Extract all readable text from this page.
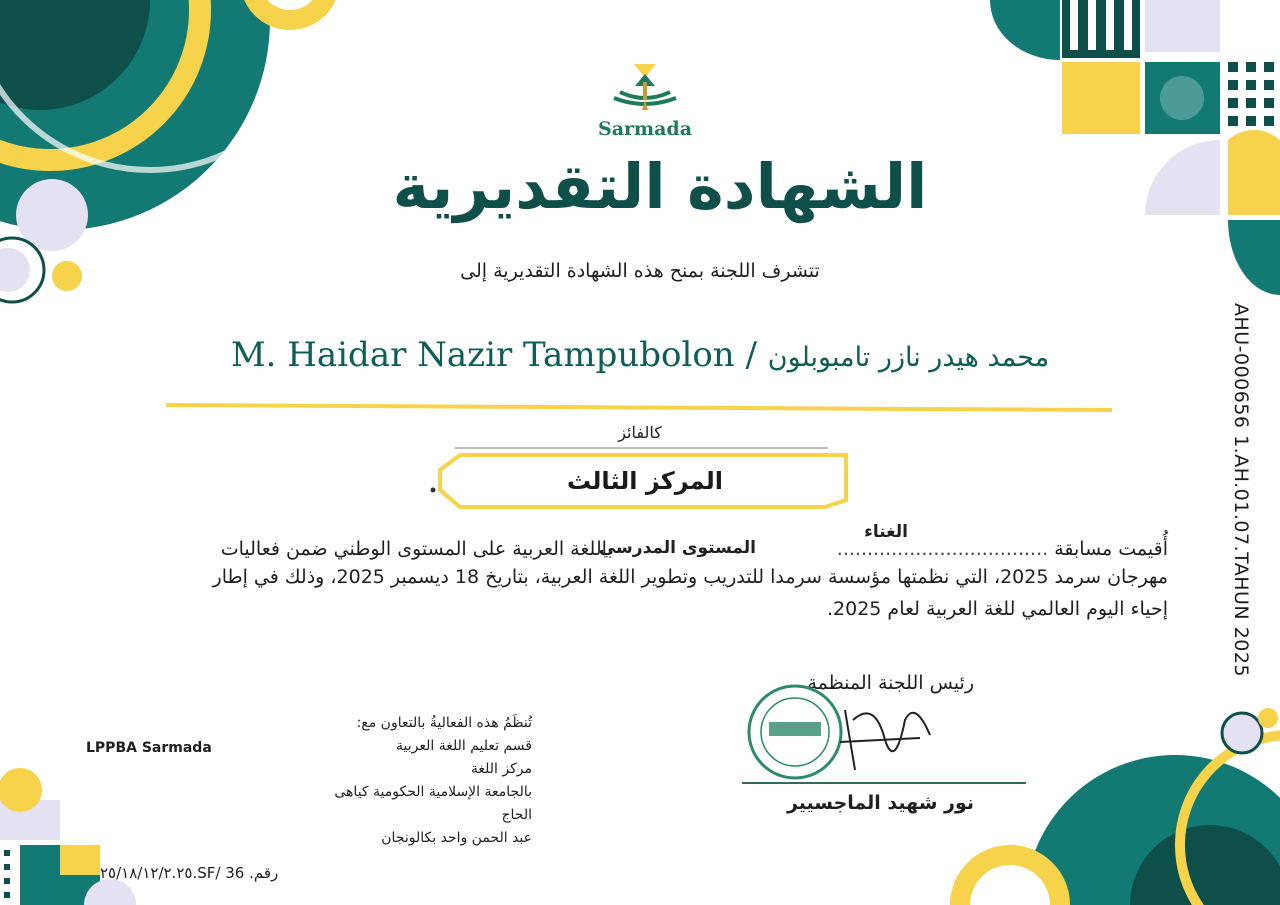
Sarmada
الشهادة التقديرية
تتشرف اللجنة بمنح هذه الشهادة التقديرية إلى
محمد هيدر نازر تامبوبلون / M. Haidar Nazir Tampubolon
كالفائز
المركز الثالث
أُقيمت مسابقة ...................................  باللغة العربية على المستوى الوطني ضمن فعاليات
الغناء
المستوى المدرسي
مهرجان سرمد 2025، التي نظمتها مؤسسة سرمدا للتدريب وتطوير اللغة العربية، بتاريخ 18 ديسمبر 2025، وذلك في إطار
إحياء اليوم العالمي للغة العربية لعام 2025.
رئيس اللجنة المنظمة
نور شهيد الماجسيير
تُنظَمُ هذه الفعاليةُ بالتعاون مع:
قسم تعليم اللغة العربية
مركز اللغة
بالجامعة الإسلامية الحكومية كياهى الحاج
عبد الحمن واحد بكالونجان
LPPBA Sarmada
رقم. ٢٥/١٨/١٢/٢.٢٥.SF/ 36
AHU-000656 1.AH.01.07.TAHUN 2025
